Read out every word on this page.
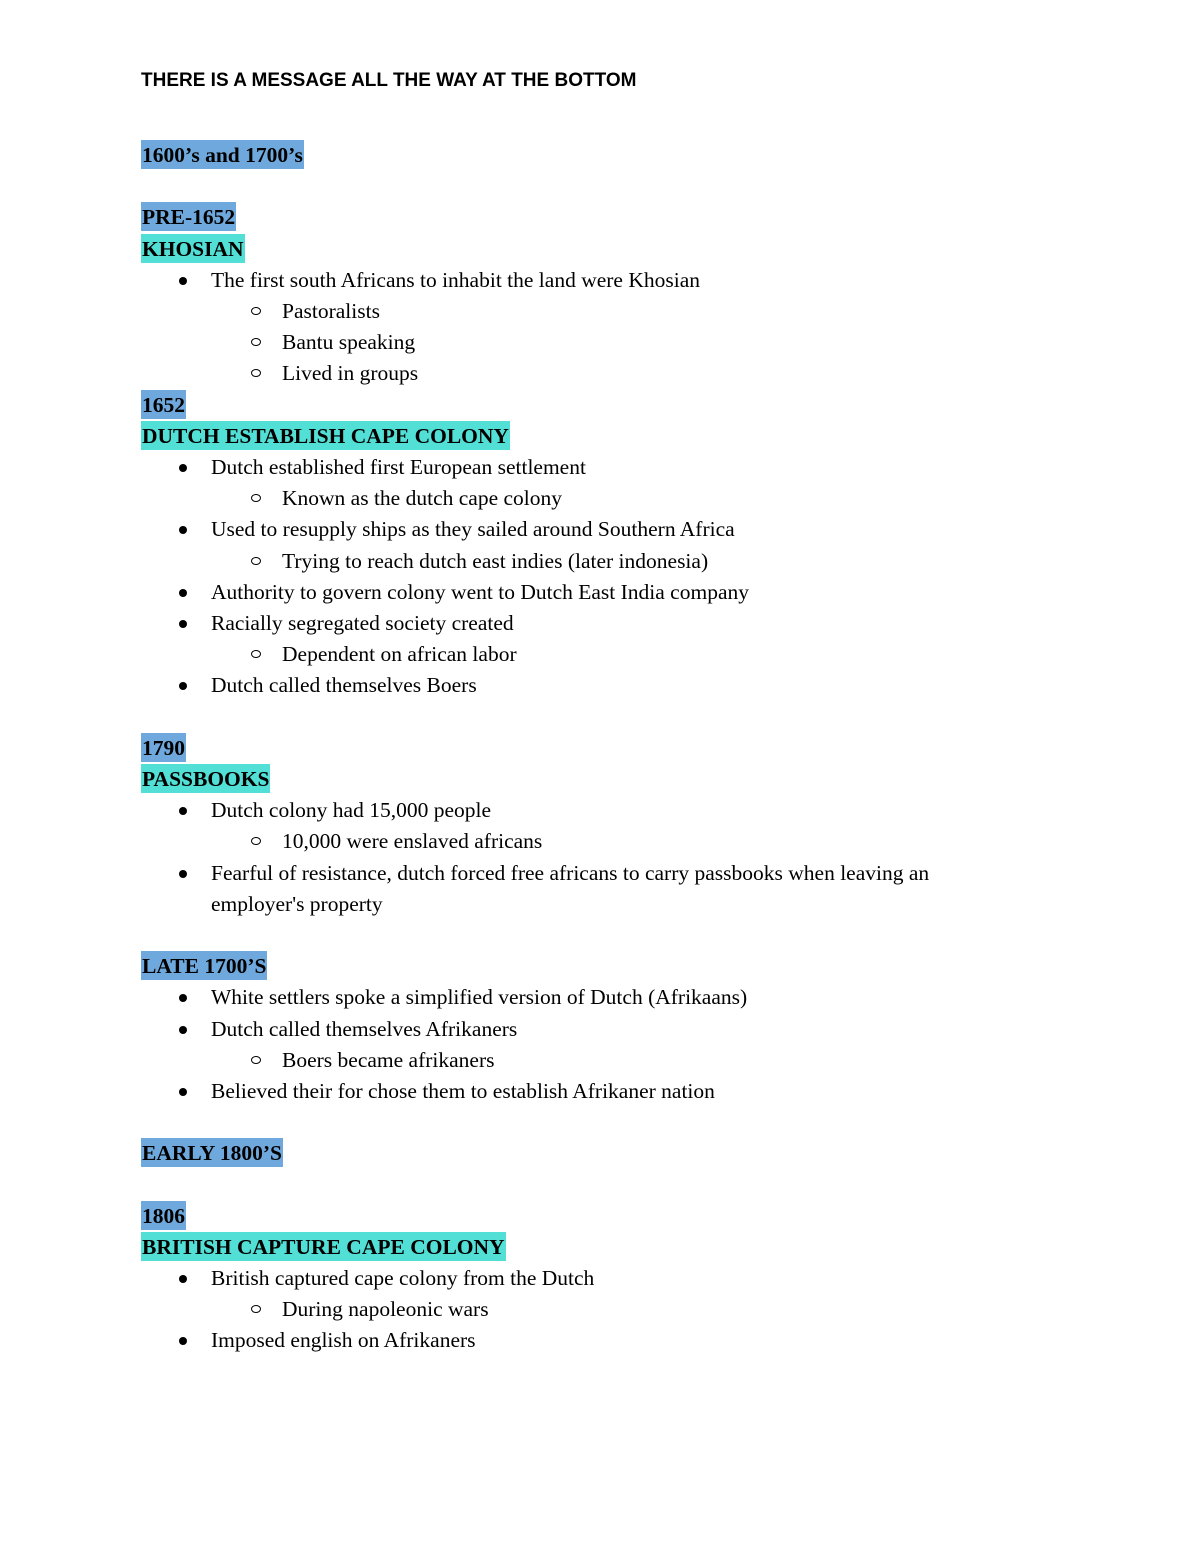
THERE IS A MESSAGE ALL THE WAY AT THE BOTTOM

1600’s and 1700’s
PRE-1652
KHOSIAN
The first south Africans to inhabit the land were Khosian
Pastoralists
Bantu speaking
Lived in groups
1652
DUTCH ESTABLISH CAPE COLONY
Dutch established first European settlement
Known as the dutch cape colony
Used to resupply ships as they sailed around Southern Africa
Trying to reach dutch east indies (later indonesia)
Authority to govern colony went to Dutch East India company
Racially segregated society created
Dependent on african labor
Dutch called themselves Boers
1790
PASSBOOKS
Dutch colony had 15,000 people
10,000 were enslaved africans
Fearful of resistance, dutch forced free africans to carry passbooks when leaving an employer's property
LATE 1700’S
White settlers spoke a simplified version of Dutch (Afrikaans)
Dutch called themselves Afrikaners
Boers became afrikaners
Believed their for chose them to establish Afrikaner nation
EARLY 1800’S
1806
BRITISH CAPTURE CAPE COLONY
British captured cape colony from the Dutch
During napoleonic wars
Imposed english on Afrikaners
